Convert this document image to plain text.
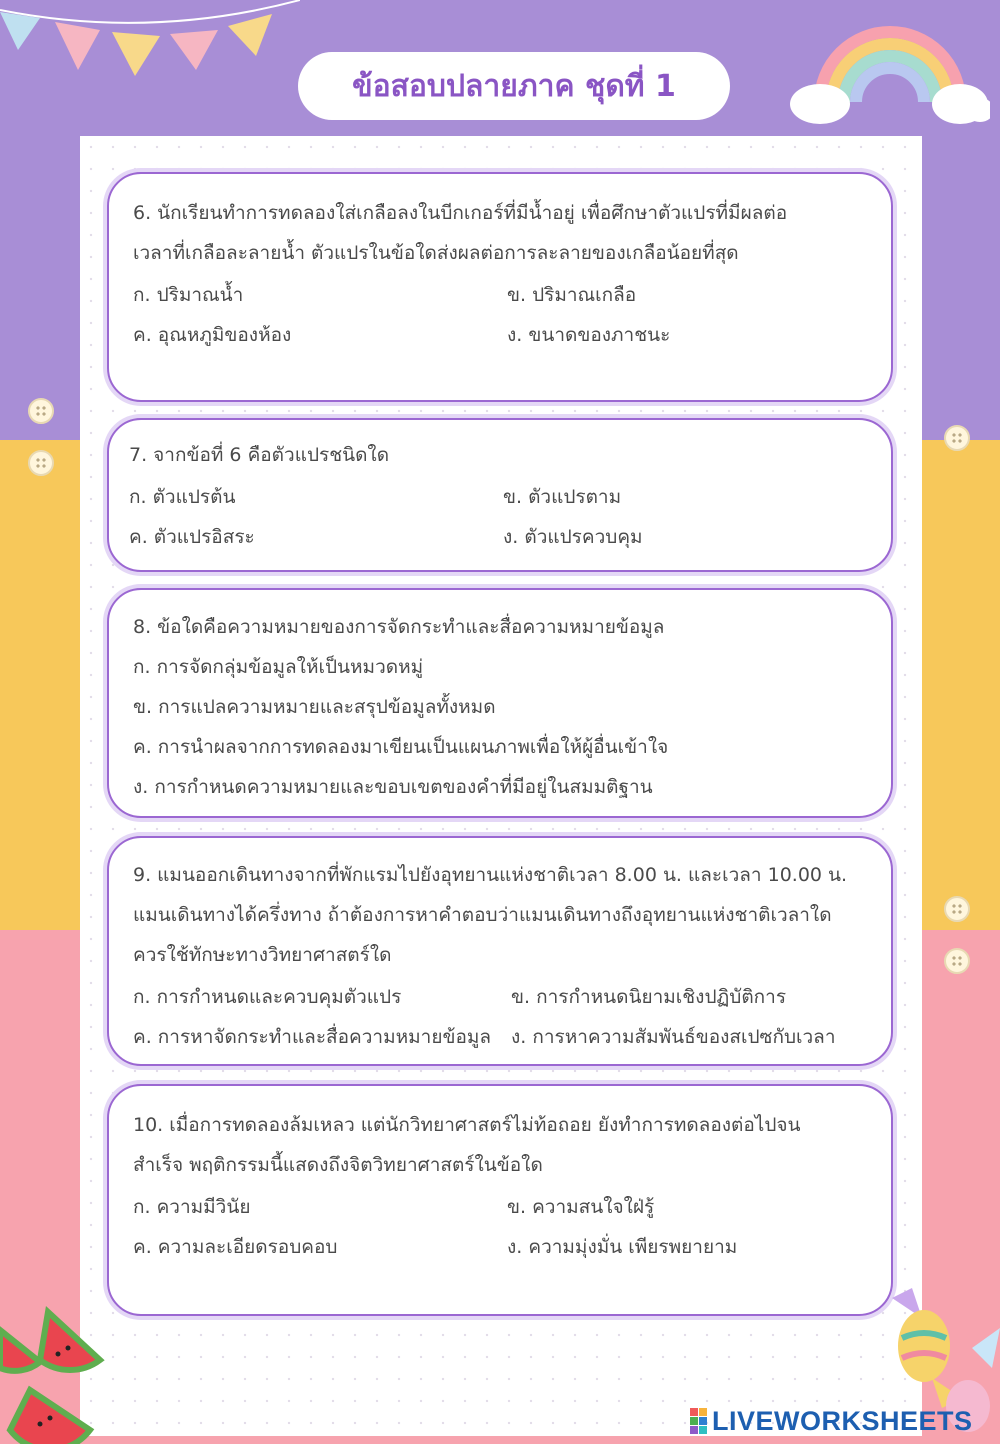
ข้อสอบปลายภาค ชุดที่ 1
6. นักเรียนทำการทดลองใส่เกลือลงในบีกเกอร์ที่มีน้ำอยู่ เพื่อศึกษาตัวแปรที่มีผลต่อ
เวลาที่เกลือละลายน้ำ ตัวแปรในข้อใดส่งผลต่อการละลายของเกลือน้อยที่สุด
ก. ปริมาณน้ำ	ข. ปริมาณเกลือ
ค. อุณหภูมิของห้อง	ง. ขนาดของภาชนะ
7. จากข้อที่ 6 คือตัวแปรชนิดใด
ก. ตัวแปรต้น	ข. ตัวแปรตาม
ค. ตัวแปรอิสระ	ง. ตัวแปรควบคุม
8. ข้อใดคือความหมายของการจัดกระทำและสื่อความหมายข้อมูล
ก. การจัดกลุ่มข้อมูลให้เป็นหมวดหมู่
ข. การแปลความหมายและสรุปข้อมูลทั้งหมด
ค. การนำผลจากการทดลองมาเขียนเป็นแผนภาพเพื่อให้ผู้อื่นเข้าใจ
ง. การกำหนดความหมายและขอบเขตของคำที่มีอยู่ในสมมติฐาน
9. แมนออกเดินทางจากที่พักแรมไปยังอุทยานแห่งชาติเวลา 8.00 น. และเวลา 10.00 น.
แมนเดินทางได้ครึ่งทาง ถ้าต้องการหาคำตอบว่าแมนเดินทางถึงอุทยานแห่งชาติเวลาใด
ควรใช้ทักษะทางวิทยาศาสตร์ใด
ก. การกำหนดและควบคุมตัวแปร	ข. การกำหนดนิยามเชิงปฏิบัติการ
ค. การหาจัดกระทำและสื่อความหมายข้อมูล ง. การหาความสัมพันธ์ของสเปซกับเวลา
10. เมื่อการทดลองล้มเหลว แต่นักวิทยาศาสตร์ไม่ท้อถอย ยังทำการทดลองต่อไปจน
สำเร็จ พฤติกรรมนี้แสดงถึงจิตวิทยาศาสตร์ในข้อใด
ก. ความมีวินัย	ข. ความสนใจใฝ่รู้
ค. ความละเอียดรอบคอบ	ง. ความมุ่งมั่น เพียรพยายาม
LIVEWORKSHEETS
